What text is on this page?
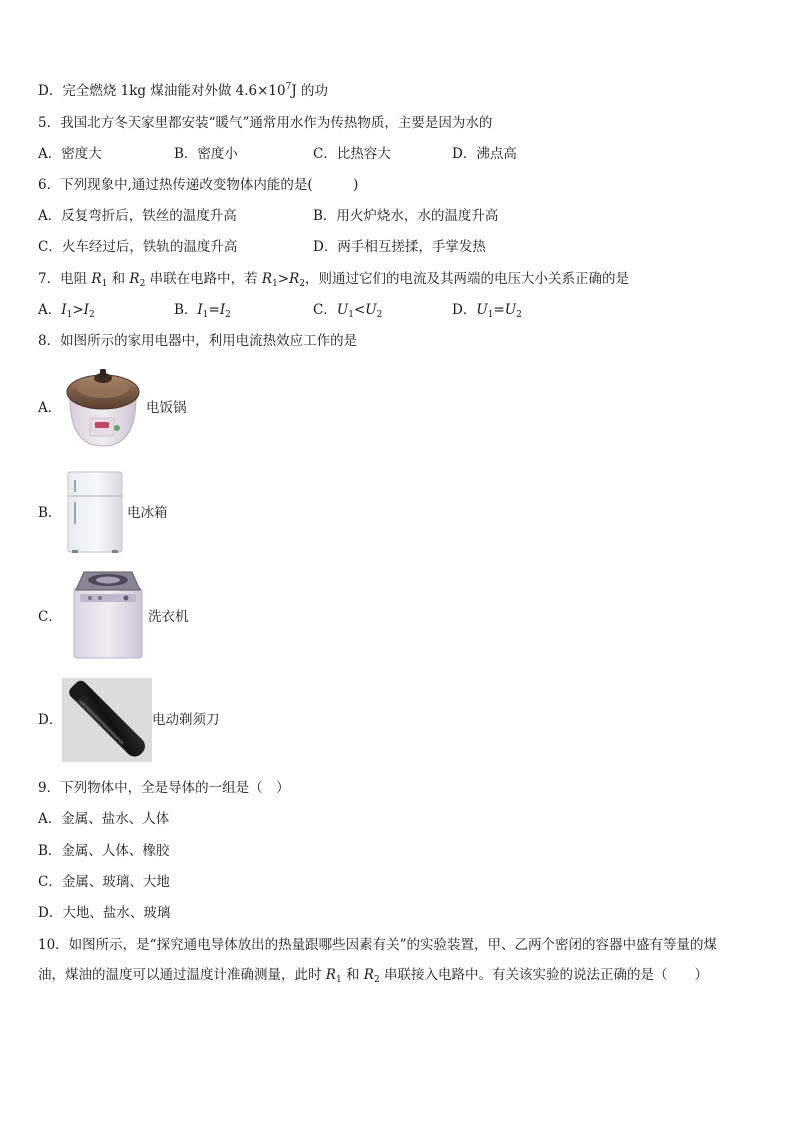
D．完全燃烧 1kg 煤油能对外做 $4.6\times 10^7J$ 的功
5．我国北方冬天家里都安装“暖气”通常用水作为传热物质，主要是因为水的
A．密度大	B．密度小	C．比热容大	D．沸点高
6．下列现象中,通过热传递改变物体内能的是(　　　)
A．反复弯折后，铁丝的温度升高	B．用火炉烧水，水的温度升高
C．火车经过后，铁轨的温度升高	D．两手相互搓揉，手掌发热
7．电阻 $R_1$ 和 $R_2$ 串联在电路中，若 $R_1>R_2$，则通过它们的电流及其两端的电压大小关系正确的是
A．$I_1>I_2$	B．$I_1=I_2$	C．$U_1<U_2$	D．$U_1=U_2$
8．如图所示的家用电器中，利用电流热效应工作的是
A．	电饭锅
B．	电冰箱
C．	洗衣机
D．	电动剃须刀
9．下列物体中，全是导体的一组是（　）
A．金属、盐水、人体
B．金属、人体、橡胶
C．金属、玻璃、大地
D．大地、盐水、玻璃
10．如图所示，是“探究通电导体放出的热量跟哪些因素有关”的实验装置，甲、乙两个密闭的容器中盛有等量的煤
油，煤油的温度可以通过温度计准确测量，此时 $R_1$ 和 $R_2$ 串联接入电路中。有关该实验的说法正确的是（　　）
